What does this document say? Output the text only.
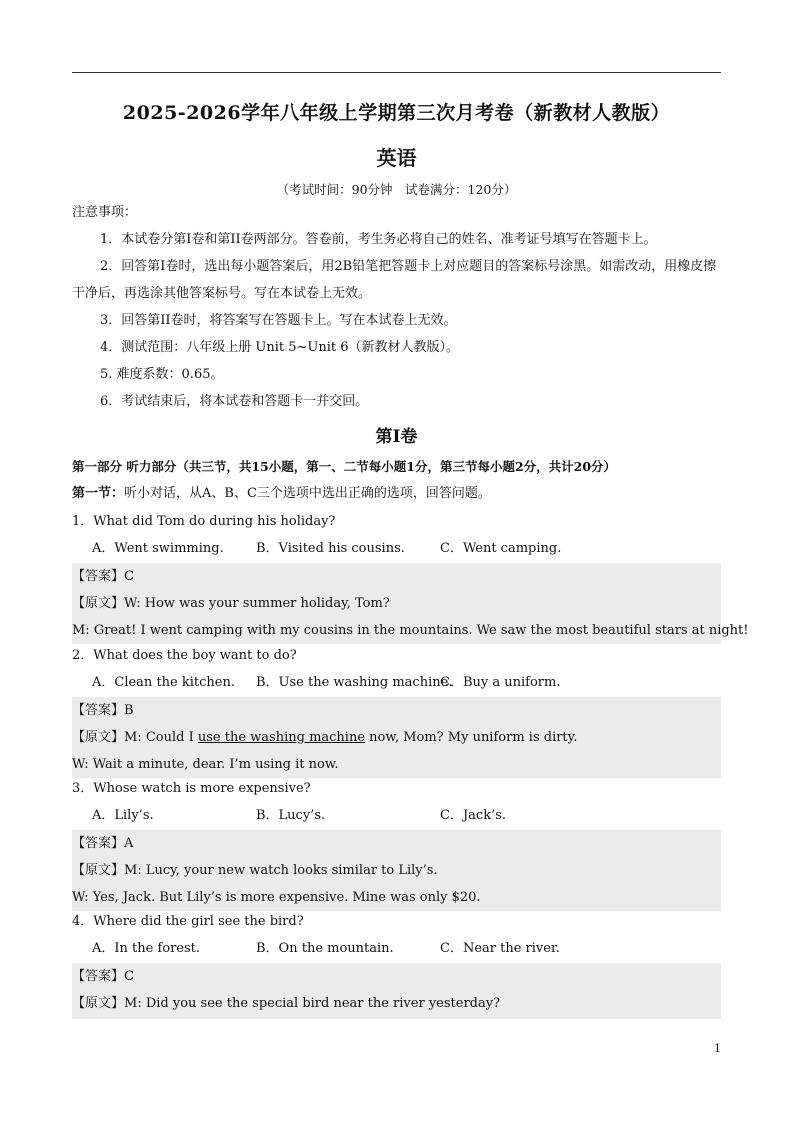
2025-2026学年八年级上学期第三次月考卷（新教材人教版）
英语
（考试时间：90分钟　试卷满分：120分）
注意事项：
1．本试卷分第I卷和第II卷两部分。答卷前，考生务必将自己的姓名、准考证号填写在答题卡上。
2．回答第I卷时，选出每小题答案后，用2B铅笔把答题卡上对应题目的答案标号涂黑。如需改动，用橡皮擦干净后，再选涂其他答案标号。写在本试卷上无效。
3．回答第II卷时，将答案写在答题卡上。写在本试卷上无效。
4．测试范围：八年级上册 Unit 5~Unit 6（新教材人教版）。
5. 难度系数：0.65。
6．考试结束后，将本试卷和答题卡一并交回。
第I卷
第一部分 听力部分（共三节，共15小题，第一、二节每小题1分，第三节每小题2分，共计20分）
第一节：听小对话，从A、B、C三个选项中选出正确的选项，回答问题。
1．What did Tom do during his holiday?
A．Went swimming. B．Visited his cousins.	C．Went camping.
【答案】C
【原文】W: How was your summer holiday, Tom?
M: Great! I went camping with my cousins in the mountains. We saw the most beautiful stars at night!
2．What does the boy want to do?
A．Clean the kitchen. B．Use the washing machine.
C．Buy a uniform.
【答案】B
【原文】M: Could I use the washing machine now, Mom? My uniform is dirty.
W: Wait a minute, dear. I’m using it now.
3．Whose watch is more expensive?
A．Lily’s.	B．Lucy’s.	C．Jack’s.
【答案】A
【原文】M: Lucy, your new watch looks similar to Lily’s.
W: Yes, Jack. But Lily’s is more expensive. Mine was only $20.
4．Where did the girl see the bird?
A．In the forest.	B．On the mountain.	C．Near the river.
【答案】C
【原文】M: Did you see the special bird near the river yesterday?
1
